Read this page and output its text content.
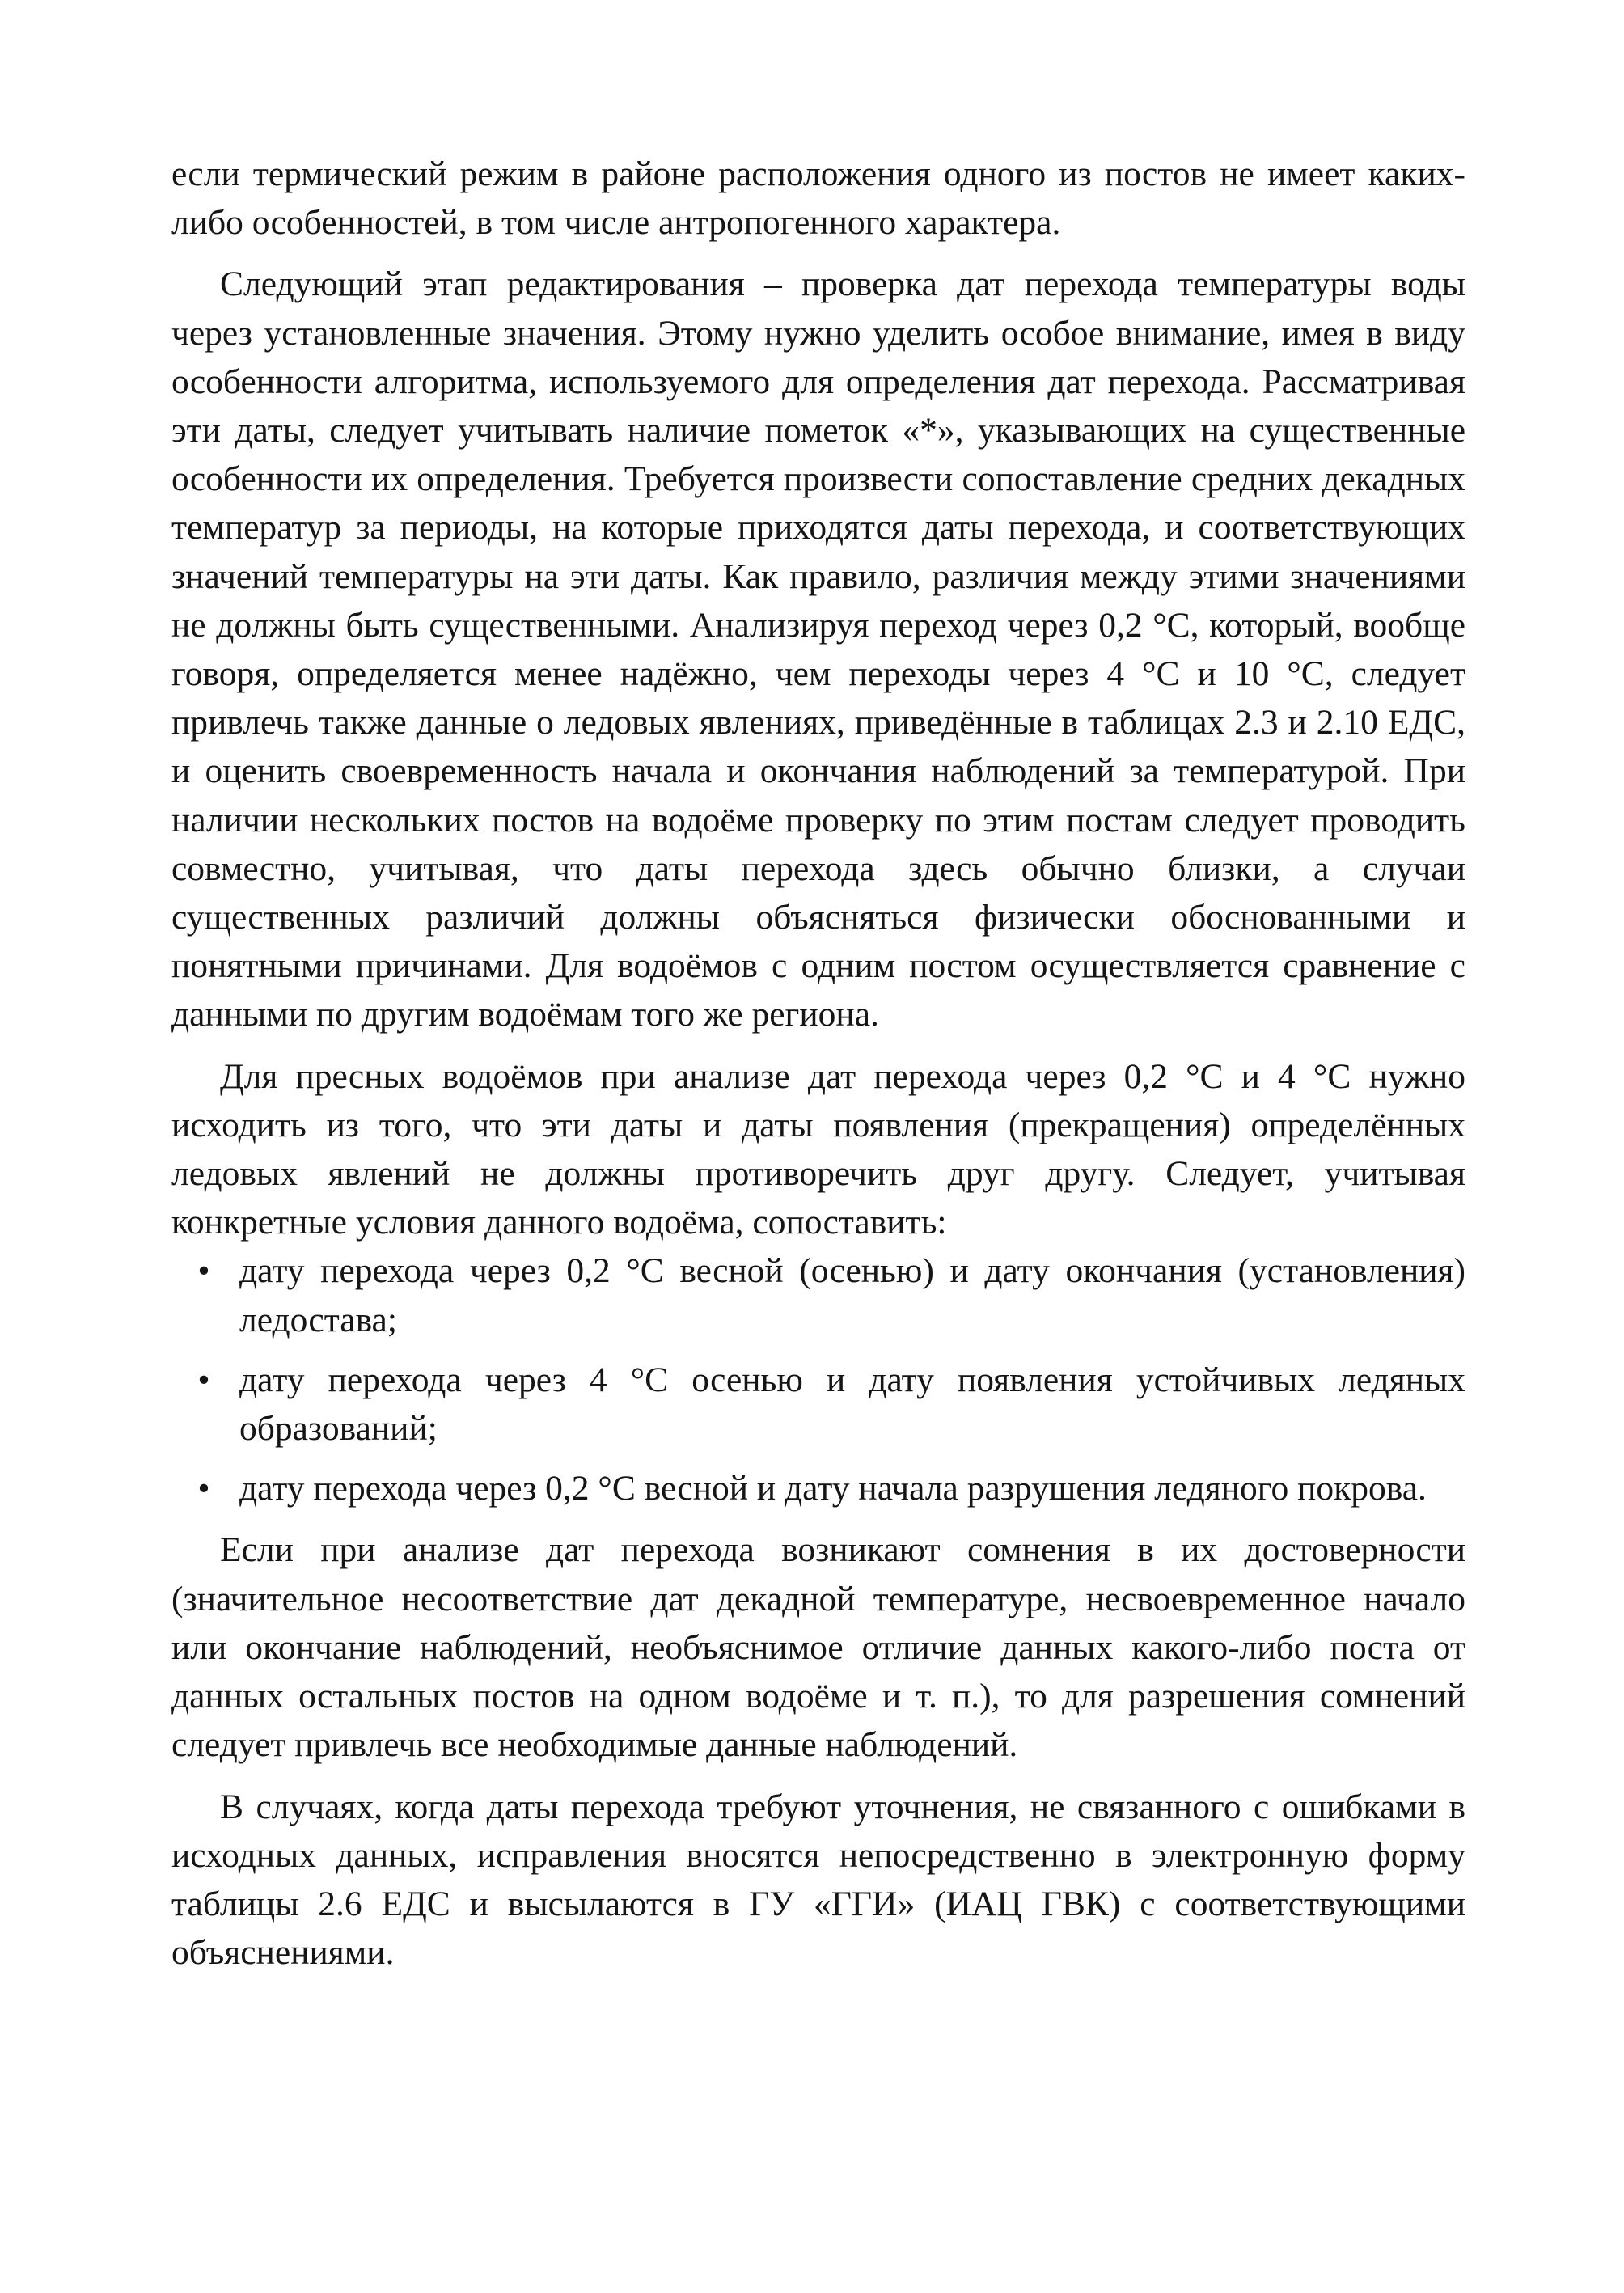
если термический режим в районе расположения одного из постов не имеет каких-либо особенностей, в том числе антропогенного характера.

Следующий этап редактирования – проверка дат перехода температуры воды через установленные значения. Этому нужно уделить особое внимание, имея в виду особенности алгоритма, используемого для определения дат перехода. Рассматривая эти даты, следует учитывать наличие пометок «*», указывающих на существенные особенности их определения. Требуется произвести сопоставление средних декадных температур за периоды, на которые приходятся даты перехода, и соответствующих значений температуры на эти даты. Как правило, различия между этими значениями не должны быть существенными. Анализируя переход через 0,2 °С, который, вообще говоря, определяется менее надёжно, чем переходы через 4 °С и 10 °С, следует привлечь также данные о ледовых явлениях, приведённые в таблицах 2.3 и 2.10 ЕДС, и оценить своевременность начала и окончания наблюдений за температурой. При наличии нескольких постов на водоёме проверку по этим постам следует проводить совместно, учитывая, что даты перехода здесь обычно близки, а случаи существенных различий должны объясняться физически обоснованными и понятными причинами. Для водоёмов с одним постом осуществляется сравнение с данными по другим водоёмам того же региона.

Для пресных водоёмов при анализе дат перехода через 0,2 °С и 4 °С нужно исходить из того, что эти даты и даты появления (прекращения) определённых ледовых явлений не должны противоречить друг другу. Следует, учитывая конкретные условия данного водоёма, сопоставить:

• дату перехода через 0,2 °С весной (осенью) и дату окончания (установления) ледостава;
• дату перехода через 4 °С осенью и дату появления устойчивых ледяных образований;
• дату перехода через 0,2 °С весной и дату начала разрушения ледяного покрова.

Если при анализе дат перехода возникают сомнения в их достоверности (значительное несоответствие дат декадной температуре, несвоевременное начало или окончание наблюдений, необъяснимое отличие данных какого-либо поста от данных остальных постов на одном водоёме и т. п.), то для разрешения сомнений следует привлечь все необходимые данные наблюдений.

В случаях, когда даты перехода требуют уточнения, не связанного с ошибками в исходных данных, исправления вносятся непосредственно в электронную форму таблицы 2.6 ЕДС и высылаются в ГУ «ГГИ» (ИАЦ ГВК) с соответствующими объяснениями.
